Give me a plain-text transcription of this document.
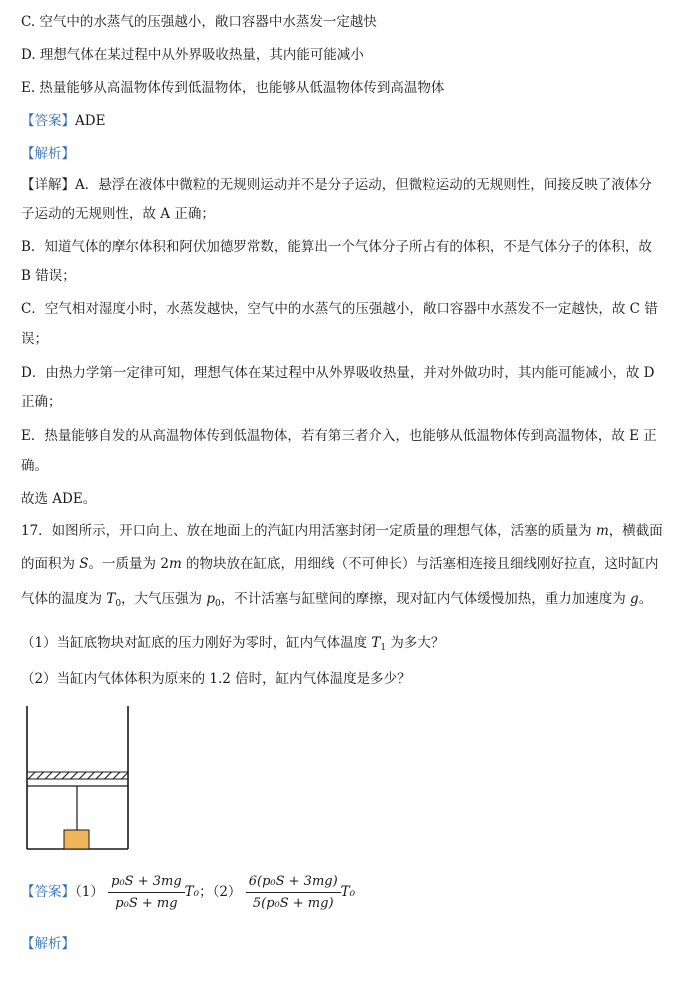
C. 空气中的水蒸气的压强越小，敞口容器中水蒸发一定越快
D. 理想气体在某过程中从外界吸收热量，其内能可能减小
E. 热量能够从高温物体传到低温物体，也能够从低温物体传到高温物体
【答案】ADE
【解析】
【详解】A．悬浮在液体中微粒的无规则运动并不是分子运动，但微粒运动的无规则性，间接反映了液体分
子运动的无规则性，故 A 正确；
B．知道气体的摩尔体积和阿伏加德罗常数，能算出一个气体分子所占有的体积，不是气体分子的体积，故
B 错误；
C．空气相对湿度小时，水蒸发越快，空气中的水蒸气的压强越小，敞口容器中水蒸发不一定越快，故 C 错
误；
D．由热力学第一定律可知，理想气体在某过程中从外界吸收热量，并对外做功时，其内能可能减小，故 D
正确；
E．热量能够自发的从高温物体传到低温物体，若有第三者介入，也能够从低温物体传到高温物体，故 E 正
确。
故选 ADE。
17．如图所示，开口向上、放在地面上的汽缸内用活塞封闭一定质量的理想气体，活塞的质量为 m，横截面
的面积为 S。一质量为 2m 的物块放在缸底，用细线（不可伸长）与活塞相连接且细线刚好拉直，这时缸内
气体的温度为 $T_0$，大气压强为 $p_0$，不计活塞与缸壁间的摩擦，现对缸内气体缓慢加热，重力加速度为 g。
（1）当缸底物块对缸底的压力刚好为零时，缸内气体温度 $T_1$ 为多大？
（2）当缸内气体体积为原来的 1.2 倍时，缸内气体温度是多少？
【答案】$(1) \frac{\text{p₀S + 3mg}}{\text{p₀S + mg}} T_0$；$(2) \frac{\text{6(p₀S + 3mg)}}{\text{5(p₀S + mg)}} T_0$
【解析】
